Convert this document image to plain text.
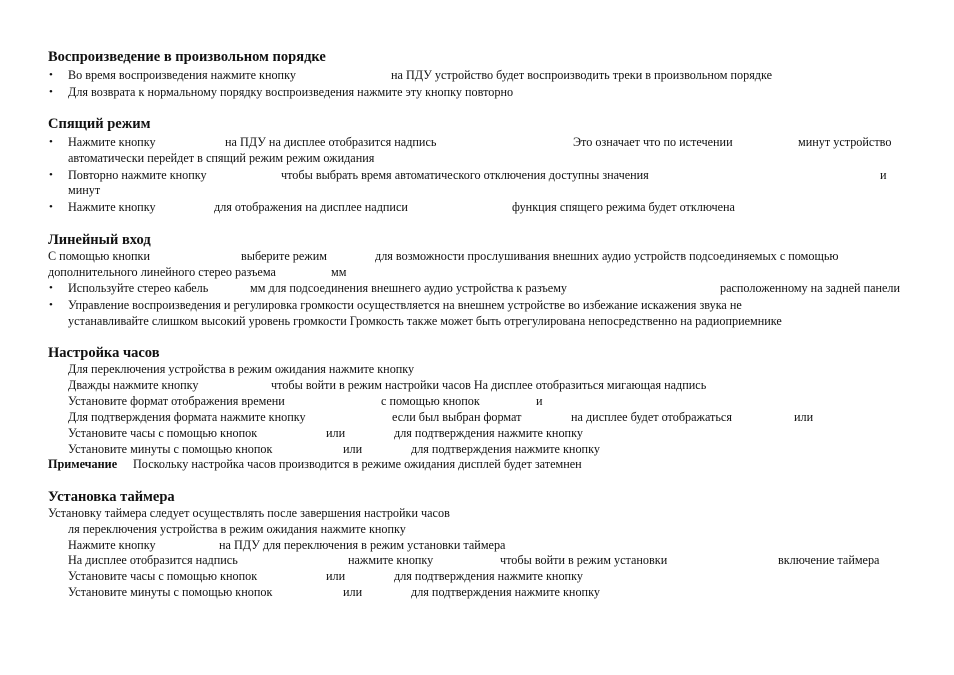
Воспроизведение в произвольном порядке
• Во время воспроизведения нажмите кнопку	на ПДУ устройство будет воспроизводить треки в произвольном порядке
• Для возврата к нормальному порядку воспроизведения нажмите эту кнопку повторно
Спящий режим
• Нажмите кнопку	на ПДУ на дисплее отобразится надпись	Это означает что по истечении	минут устройство
автоматически перейдет в спящий режим режим ожидания
• Повторно нажмите кнопку	чтобы выбрать время автоматического отключения доступны значения	и
минут
• Нажмите кнопку	для отображения на дисплее надписи	функция спящего режима будет отключена
Линейный вход
С помощью кнопки	выберите режим	для возможности прослушивания внешних аудио устройств подсоединяемых с помощью
дополнительного линейного стерео разъема	мм
• Используйте стерео кабель	мм для подсоединения внешнего аудио устройства к разъему	расположенному на задней панели
• Управление воспроизведения и регулировка громкости осуществляется на внешнем устройстве во избежание искажения звука не
устанавливайте слишком высокий уровень громкости Громкость также может быть отрегулирована непосредственно на радиоприемнике
Настройка часов
Для переключения устройства в режим ожидания нажмите кнопку
Дважды нажмите кнопку	чтобы войти в режим настройки часов На дисплее отобразиться мигающая надпись
Установите формат отображения времени	с помощью кнопок	и
Для подтверждения формата нажмите кнопку	если был выбран формат	на дисплее будет отображаться	или
Установите часы с помощью кнопок	или	для подтверждения нажмите кнопку
Установите минуты с помощью кнопок	или	для подтверждения нажмите кнопку
Примечание Поскольку настройка часов производится в режиме ожидания дисплей будет затемнен
Установка таймера
Установку таймера следует осуществлять после завершения настройки часов
ля переключения устройства в режим ожидания нажмите кнопку
Нажмите кнопку	на ПДУ для переключения в режим установки таймера
На дисплее отобразится надпись	нажмите кнопку	чтобы войти в режим установки	включение таймера
Установите часы с помощью кнопок	или	для подтверждения нажмите кнопку
Установите минуты с помощью кнопок	или	для подтверждения нажмите кнопку
